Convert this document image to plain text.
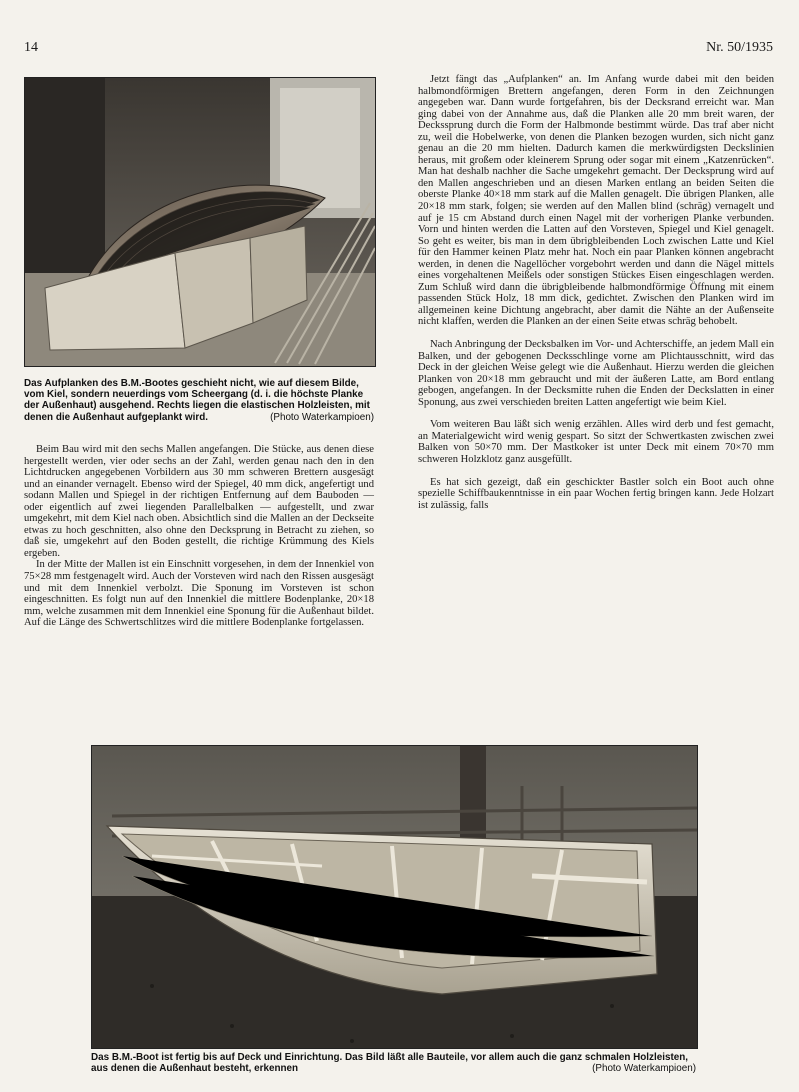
14	Nr. 50/1935
Das Aufplanken des B.M.-Bootes geschieht nicht, wie auf diesem Bilde, vom Kiel, sondern neuerdings vom Scheergang (d. i. die höchste Planke der Außenhaut) ausgehend. Rechts liegen die elastischen Holzleisten, mit denen die Außenhaut aufgeplankt wird.	(Photo Waterkampioen)

Beim Bau wird mit den sechs Mallen angefangen. Die Stücke, aus denen diese hergestellt werden, vier oder sechs an der Zahl, werden genau nach den in den Lichtdrucken angegebenen Vorbildern aus 30 mm schweren Brettern ausgesägt und an einander vernagelt. Ebenso wird der Spiegel, 40 mm dick, angefertigt und sodann Mallen und Spiegel in der richtigen Entfernung auf dem Bauboden — oder eigentlich auf zwei liegenden Parallelbalken — aufgestellt, und zwar umgekehrt, mit dem Kiel nach oben. Absichtlich sind die Mallen an der Deckseite etwas zu hoch geschnitten, also ohne den Decksprung in Betracht zu ziehen, so daß sie, umgekehrt auf den Boden gestellt, die richtige Krümmung des Kiels ergeben.

In der Mitte der Mallen ist ein Einschnitt vorgesehen, in dem der Innenkiel von 75×28 mm festgenagelt wird. Auch der Vorsteven wird nach den Rissen ausgesägt und mit dem Innenkiel verbolzt. Die Sponung im Vorsteven ist schon eingeschnitten. Es folgt nun auf den Innenkiel die mittlere Bodenplanke, 20×18 mm, welche zusammen mit dem Innenkiel eine Sponung für die Außenhaut bildet. Auf die Länge des Schwertschlitzes wird die mittlere Bodenplanke fortgelassen.

Jetzt fängt das „Aufplanken“ an. Im Anfang wurde dabei mit den beiden halbmondförmigen Brettern angefangen, deren Form in den Zeichnungen angegeben war. Dann wurde fortgefahren, bis der Decksrand erreicht war. Man ging dabei von der Annahme aus, daß die Planken alle 20 mm breit waren, der Deckssprung durch die Form der Halbmonde bestimmt würde. Das traf aber nicht zu, weil die Hobelwerke, von denen die Planken bezogen wurden, sich nicht ganz genau an die 20 mm hielten. Dadurch kamen die merkwürdigsten Deckslinien heraus, mit großem oder kleinerem Sprung oder sogar mit einem „Katzenrücken“. Man hat deshalb nachher die Sache umgekehrt gemacht. Der Decksprung wird auf den Mallen angeschrieben und an diesen Marken entlang an beiden Seiten die oberste Planke 40×18 mm stark auf die Mallen genagelt. Die übrigen Planken, alle 20×18 mm stark, folgen; sie werden auf den Mallen blind (schräg) vernagelt und auf je 15 cm Abstand durch einen Nagel mit der vorherigen Planke verbunden. Vorn und hinten werden die Latten auf den Vorsteven, Spiegel und Kiel genagelt. So geht es weiter, bis man in dem übrigbleibenden Loch zwischen Latte und Kiel für den Hammer keinen Platz mehr hat. Noch ein paar Planken können angebracht werden, in denen die Nagellöcher vorgebohrt werden und dann die Nägel mittels eines vorgehaltenen Meißels oder sonstigen Stückes Eisen eingeschlagen werden. Zum Schluß wird dann die übrigbleibende halbmondförmige Öffnung mit einem passenden Stück Holz, 18 mm dick, gedichtet. Zwischen den Planken wird im allgemeinen keine Dichtung angebracht, aber damit die Nähte an der Außenseite nicht klaffen, werden die Planken an der einen Seite etwas schräg behobelt.

Nach Anbringung der Decksbalken im Vor- und Achterschiffe, an jedem Mall ein Balken, und der gebogenen Decksschlinge vorne am Plichtausschnitt, wird das Deck in der gleichen Weise gelegt wie die Außenhaut. Hierzu werden die gleichen Planken von 20×18 mm gebraucht und mit der äußeren Latte, am Bord entlang gebogen, angefangen. In der Decksmitte ruhen die Enden der Deckslatten in einer Sponung, aus zwei verschieden breiten Latten angefertigt wie beim Kiel.

Vom weiteren Bau läßt sich wenig erzählen. Alles wird derb und fest gemacht, an Materialgewicht wird wenig gespart. So sitzt der Schwertkasten zwischen zwei Balken von 50×70 mm. Der Mastkoker ist unter Deck mit einem 70×70 mm schweren Holzklotz ganz ausgefüllt.

Es hat sich gezeigt, daß ein geschickter Bastler solch ein Boot auch ohne spezielle Schiffbaukenntnisse in ein paar Wochen fertig bringen kann. Jede Holzart ist zulässig, falls

Das B.M.-Boot ist fertig bis auf Deck und Einrichtung. Das Bild läßt alle Bauteile, vor allem auch die ganz schmalen Holzleisten, aus denen die Außenhaut besteht, erkennen	(Photo Waterkampioen)
